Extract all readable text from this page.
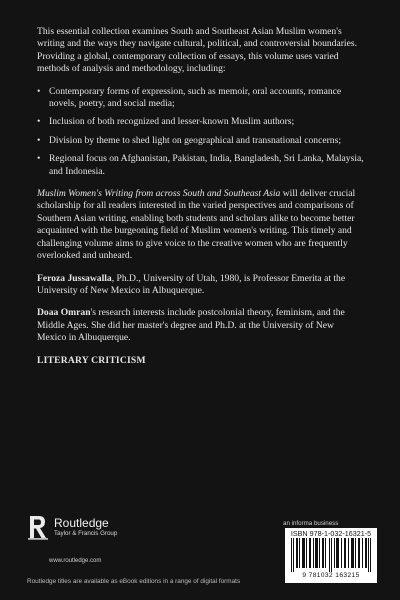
This essential collection examines South and Southeast Asian Muslim women's writing and the ways they navigate cultural, political, and controversial boundaries. Providing a global, contemporary collection of essays, this volume uses varied methods of analysis and methodology, including:

• Contemporary forms of expression, such as memoir, oral accounts, romance novels, poetry, and social media;
• Inclusion of both recognized and lesser-known Muslim authors;
• Division by theme to shed light on geographical and transnational concerns;
• Regional focus on Afghanistan, Pakistan, India, Bangladesh, Sri Lanka, Malaysia, and Indonesia.

Muslim Women's Writing from across South and Southeast Asia will deliver crucial scholarship for all readers interested in the varied perspectives and comparisons of Southern Asian writing, enabling both students and scholars alike to become better acquainted with the burgeoning field of Muslim women's writing. This timely and challenging volume aims to give voice to the creative women who are frequently overlooked and unheard.

Feroza Jussawalla, Ph.D., University of Utah, 1980, is Professor Emerita at the University of New Mexico in Albuquerque.

Doaa Omran's research interests include postcolonial theory, feminism, and the Middle Ages. She did her master's degree and Ph.D. at the University of New Mexico in Albuquerque.

LITERARY CRITICISM

Routledge
Taylor & Francis Group
www.routledge.com
Routledge titles are available as eBook editions in a range of digital formats
an informa business
ISBN 978-1-032-16321-5
9 781032 163215
